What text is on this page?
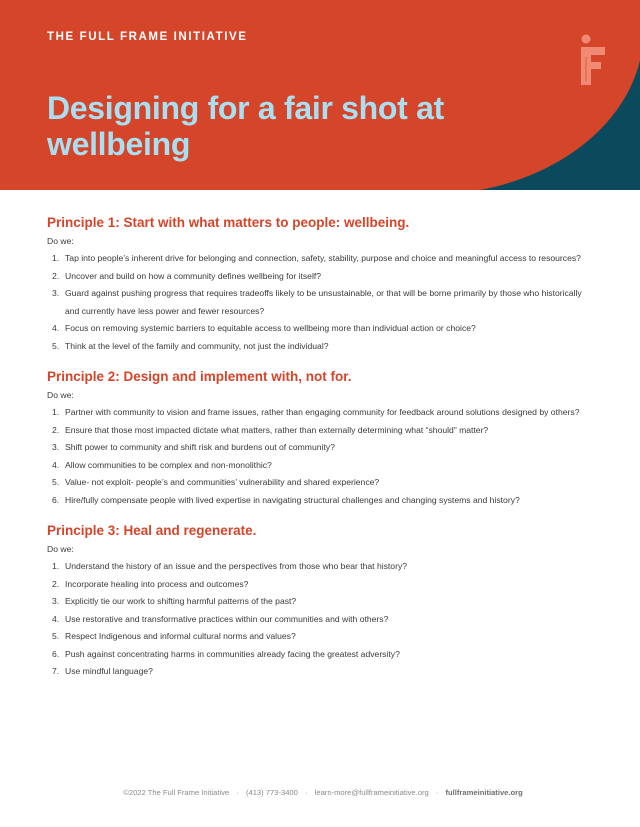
THE FULL FRAME INITIATIVE
Designing for a fair shot at wellbeing
Principle 1: Start with what matters to people: wellbeing.
Do we:
1. Tap into people’s inherent drive for belonging and connection, safety, stability, purpose and choice and meaningful access to resources?
2. Uncover and build on how a community defines wellbeing for itself?
3. Guard against pushing progress that requires tradeoffs likely to be unsustainable, or that will be borne primarily by those who historically and currently have less power and fewer resources?
4. Focus on removing systemic barriers to equitable access to wellbeing more than individual action or choice?
5. Think at the level of the family and community, not just the individual?
Principle 2: Design and implement with, not for.
Do we:
1. Partner with community to vision and frame issues, rather than engaging community for feedback around solutions designed by others?
2. Ensure that those most impacted dictate what matters, rather than externally determining what “should” matter?
3. Shift power to community and shift risk and burdens out of community?
4. Allow communities to be complex and non-monolithic?
5. Value- not exploit- people’s and communities’ vulnerability and shared experience?
6. Hire/fully compensate people with lived expertise in navigating structural challenges and changing systems and history?
Principle 3: Heal and regenerate.
Do we:
1. Understand the history of an issue and the perspectives from those who bear that history?
2. Incorporate healing into process and outcomes?
3. Explicitly tie our work to shifting harmful patterns of the past?
4. Use restorative and transformative practices within our communities and with others?
5. Respect Indigenous and informal cultural norms and values?
6. Push against concentrating harms in communities already facing the greatest adversity?
7. Use mindful language?
©2022 The Full Frame Initiative · (413) 773-3400 · learn-more@fullframeinitiative.org · fullframeinitiative.org
